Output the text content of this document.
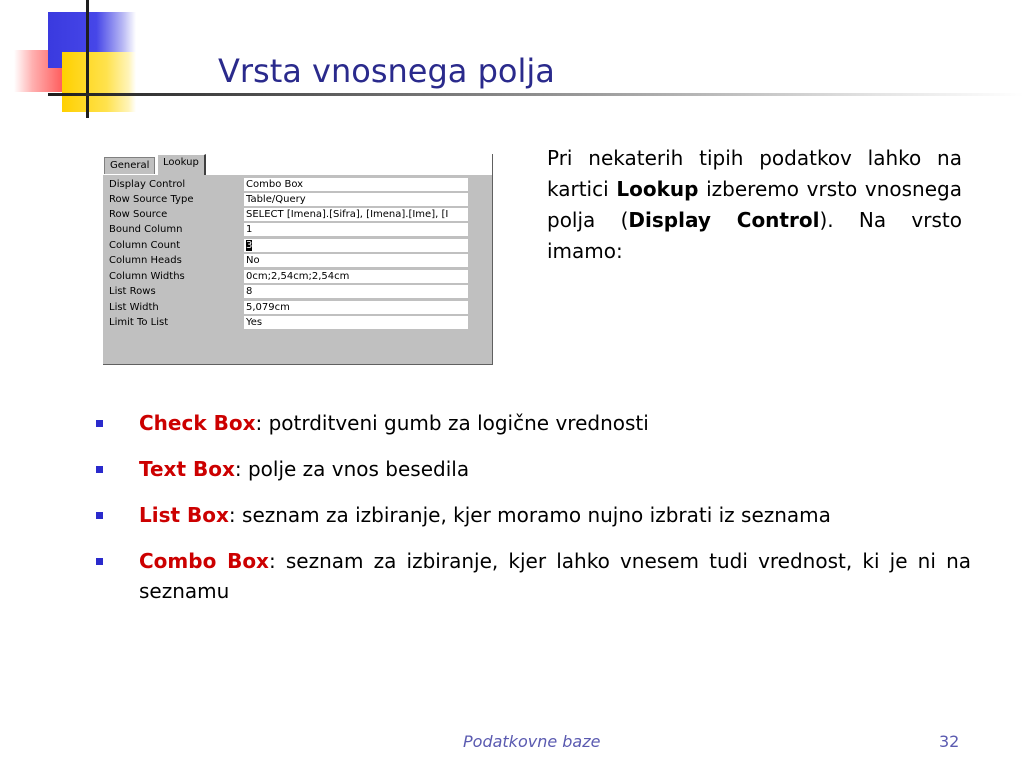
Vrsta vnosnega polja
General	Lookup
Display Control	Combo Box
Row Source Type	Table/Query
Row Source	SELECT [Imena].[Sifra], [Imena].[Ime], [I
Bound Column	1
Column Count	3
Column Heads	No
Column Widths	0cm;2,54cm;2,54cm
List Rows	8
List Width	5,079cm
Limit To List	Yes

Pri nekaterih tipih podatkov lahko na kartici Lookup izberemo vrsto vnosnega polja (Display Control). Na vrsto imamo:

Check Box: potrditveni gumb za logične vrednosti
Text Box: polje za vnos besedila
List Box: seznam za izbiranje, kjer moramo nujno izbrati iz seznama
Combo Box: seznam za izbiranje, kjer lahko vnesem tudi vrednost, ki je ni na seznamu
Podatkovne baze	32
